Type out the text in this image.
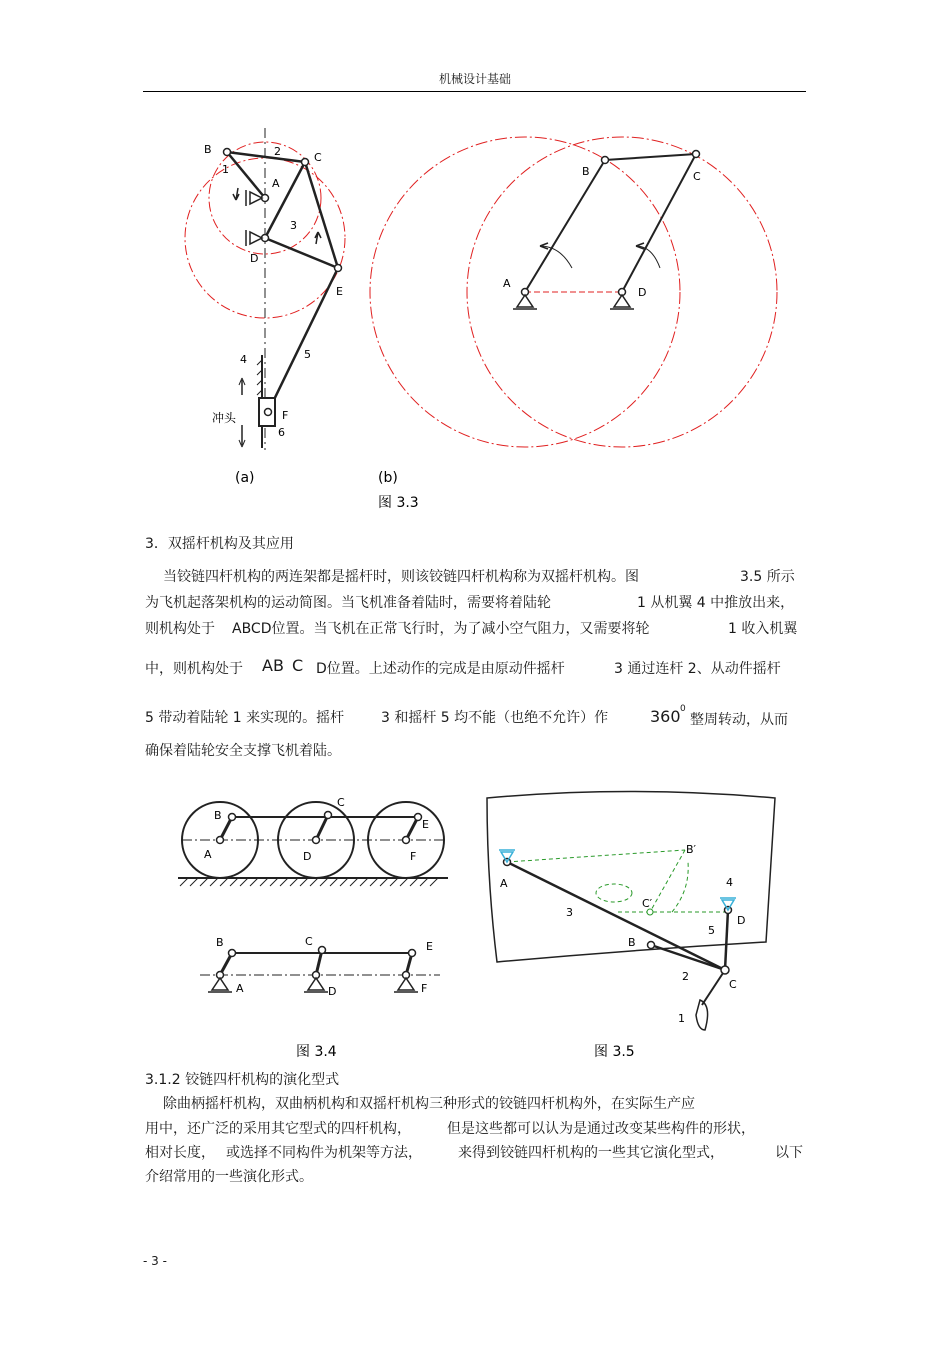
机械设计基础
B
A
C
D
E
F
1
2
3
4	5
6
冲头
A
B	C
D
(a)	(b)
图 3.3
3．双摇杆机构及其应用
当铰链四杆机构的两连架都是摇杆时，则该铰链四杆机构称为双摇杆机构。图	3.5 所示
为飞机起落架机构的运动简图。当飞机准备着陆时，需要将着陆轮	1 从机翼 4 中推放出来，
则机构处于 ABCD位置。当飞机在正常飞行时，为了减小空气阻力，又需要将轮	1 收入机翼
中，则机构处于 AB C D位置。上述动作的完成是由原动件摇杆	3 通过连杆 2、从动件摇杆
5 带动着陆轮 1 来实现的。摇杆	3 和摇杆 5 均不能（也绝不允许）作	360 0
整周转动，从而
确保着陆轮安全支撑飞机着陆。
B
A
C
D
E
F
B
A
C
D
E
F
A
B
B′
C′
C
D
1
2
3
4
5
图 3.4	图 3.5
3.1.2 铰链四杆机构的演化型式
除曲柄摇杆机构，双曲柄机构和双摇杆机构三种形式的铰链四杆机构外，在实际生产应
用中，还广泛的采用其它型式的四杆机构，	但是这些都可以认为是通过改变某些构件的形状，
相对长度， 或选择不同构件为机架等方法，	来得到铰链四杆机构的一些其它演化型式，	以下
介绍常用的一些演化形式。
- 3 -
